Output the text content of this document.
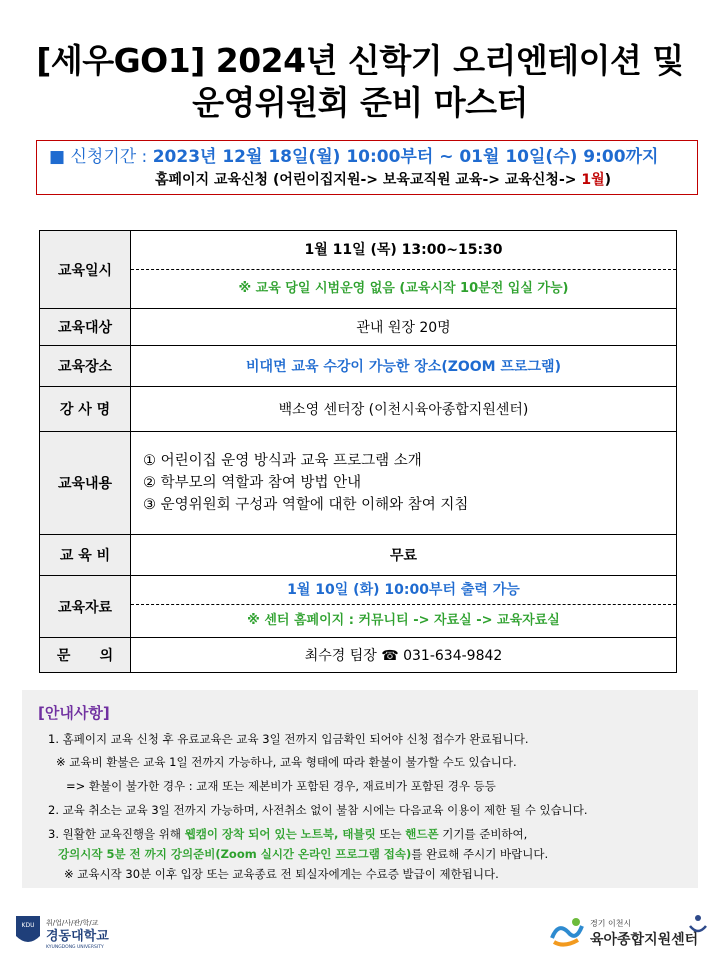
[세우GO1] 2024년 신학기 오리엔테이션 및
운영위원회 준비 마스터
■ 신청기간 : 2023년 12월 18일(월) 10:00부터 ~ 01월 10일(수) 9:00까지
홈페이지 교육신청 (어린이집지원-> 보육교직원 교육-> 교육신청-> 1월)
교육일시	1월 11일 (목) 13:00~15:30
※ 교육 당일 시범운영 없음 (교육시작 10분전 입실 가능)

교육대상	관내 원장 20명
교육장소	비대면 교육 수강이 가능한 장소(ZOOM 프로그램)
강 사 명	백소영 센터장 (이천시육아종합지원센터)
교육내용	① 어린이집 운영 방식과 교육 프로그램 소개
② 학부모의 역할과 참여 방법 안내
③ 운영위원회 구성과 역할에 대한 이해와 참여 지침

교 육 비	무료
교육자료	1월 10일 (화) 10:00부터 출력 가능
※ 센터 홈페이지 : 커뮤니티 -> 자료실 -> 교육자료실

문      의	최수경 팀장 ☎ 031-634-9842
[안내사항]
1. 홈페이지 교육 신청 후 유료교육은 교육 3일 전까지 입금확인 되어야 신청 접수가 완료됩니다.
※ 교육비 환불은 교육 1일 전까지 가능하나, 교육 형태에 따라 환불이 불가할 수도 있습니다.
=> 환불이 불가한 경우 : 교재 또는 제본비가 포함된 경우, 재료비가 포함된 경우 등등
2. 교육 취소는 교육 3일 전까지 가능하며, 사전취소 없이 불참 시에는 다음교육 이용이 제한 될 수 있습니다.
3. 원활한 교육진행을 위해 웹캠이 장착 되어 있는 노트북, 태블릿 또는 핸드폰 기기를 준비하여,
강의시작 5분 전 까지 강의준비(Zoom 실시간 온라인 프로그램 접속)를 완료해 주시기 바랍니다.
※ 교육시작 30분 이후 입장 또는 교육종료 전 퇴실자에게는 수료증 발급이 제한됩니다.
KDU 취/업/사/관/학/교
경동대학교
KYUNGDONG UNIVERSITY
경기 이천시
육아종합지원센터
